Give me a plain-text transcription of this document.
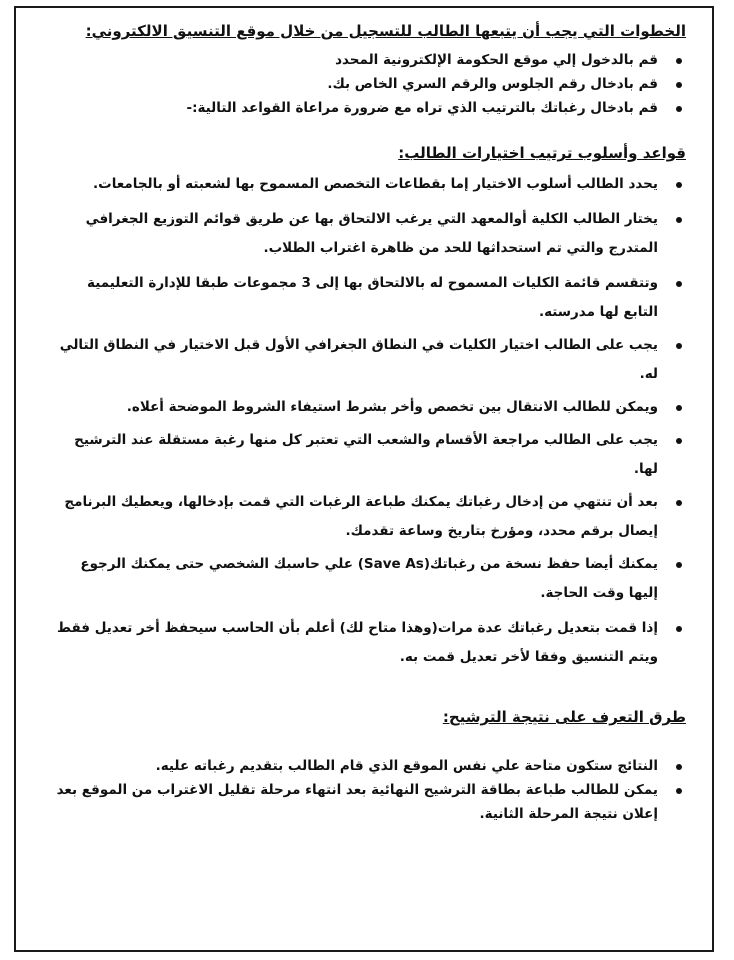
الخطوات التي يجب أن يتبعها الطالب للتسجيل من خلال موقع التنسيق الالكتروني:

قم بالدخول إلي موقع الحكومة الإلكترونية المحدد
قم بادخال رقم الجلوس والرقم السري الخاص بك.
قم بادخال رغباتك بالترتيب الذي تراه مع ضرورة مراعاة القواعد التالية:-

قواعد وأسلوب ترتيب اختيارات الطالب:

يحدد الطالب أسلوب الاختيار إما بقطاعات التخصص المسموح بها لشعبته أو بالجامعات.
يختار الطالب الكلية أوالمعهد التي يرغب الالتحاق بها عن طريق قوائم التوزيع الجغرافي المتدرج والتي تم استحداثها للحد من ظاهرة اغتراب الطلاب.
وتتقسم قائمة الكليات المسموح له بالالتحاق بها إلى 3 مجموعات طبقا للإدارة التعليمية التابع لها مدرسته.
يجب على الطالب اختيار الكليات في النطاق الجغرافي الأول قبل الاختيار في النطاق التالي له.
ويمكن للطالب الانتقال بين تخصص وأخر بشرط استيفاء الشروط الموضحة أعلاه.
يجب على الطالب مراجعة الأقسام والشعب التي تعتبر كل منها رغبة مستقلة عند الترشيح لها.
بعد أن تنتهي من إدخال رغباتك يمكنك طباعة الرغبات التي قمت بإدخالها، ويعطيك البرنامج إيصال برقم محدد، ومؤرخ بتاريخ وساعة تقدمك.
يمكنك أيضا حفظ نسخة من رغباتك(Save As) علي حاسبك الشخصي حتى يمكنك الرجوع إليها وقت الحاجة.
إذا قمت بتعديل رغباتك عدة مرات(وهذا متاح لك) أعلم بأن الحاسب سيحفظ أخر تعديل فقط ويتم التنسيق وفقا لأخر تعديل قمت به.

طرق التعرف على نتيجة الترشيح:

النتائج ستكون متاحة علي نفس الموقع الذي قام الطالب بتقديم رغباته عليه.
يمكن للطالب طباعة بطاقة الترشيح النهائية بعد انتهاء مرحلة تقليل الاغتراب من الموقع بعد إعلان نتيجة المرحلة الثانية.
